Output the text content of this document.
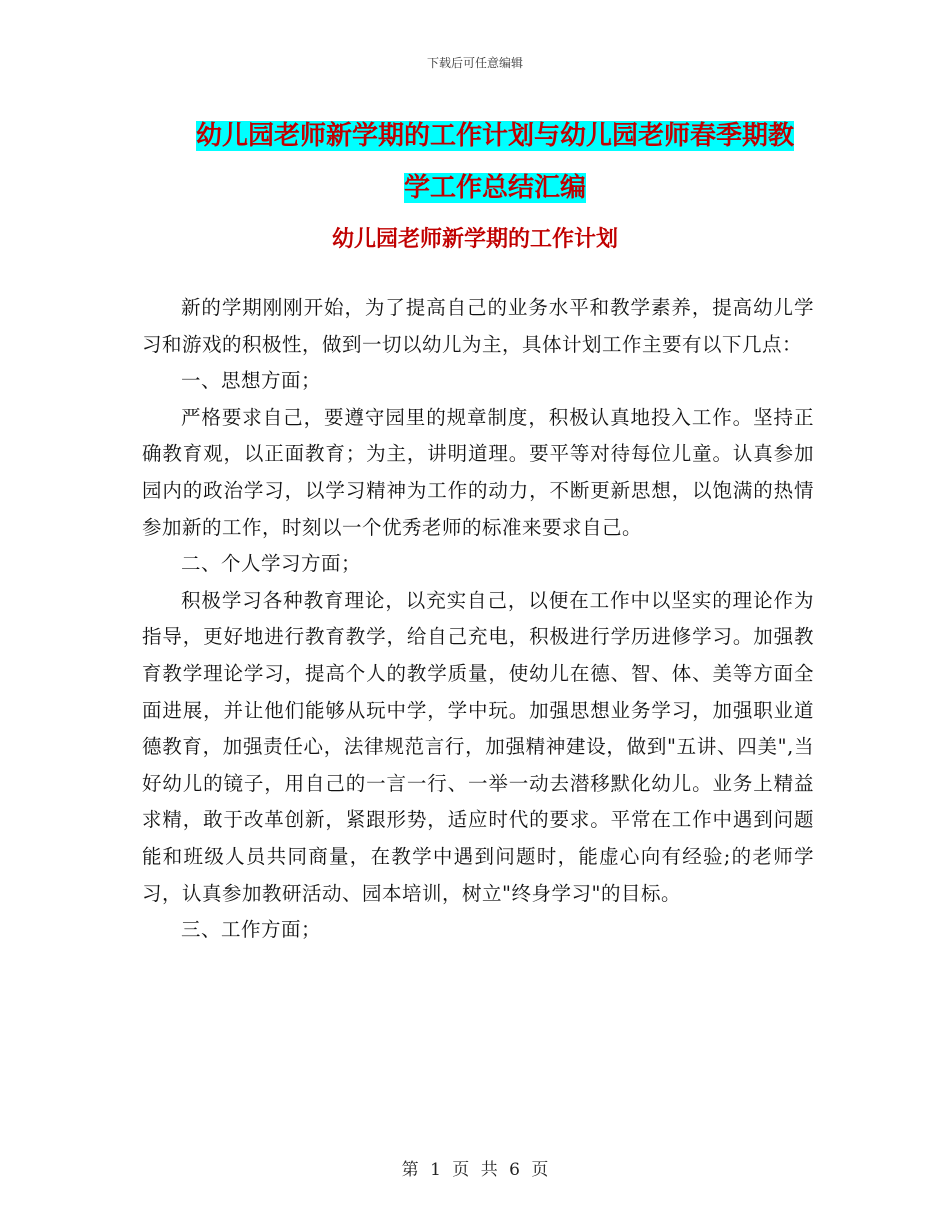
下载后可任意编辑
幼儿园老师新学期的工作计划与幼儿园老师春季期教
学工作总结汇编
幼儿园老师新学期的工作计划

新的学期刚刚开始，为了提高自己的业务水平和教学素养，提高幼儿学习和游戏的积极性，做到一切以幼儿为主，具体计划工作主要有以下几点：

一、思想方面；

严格要求自己，要遵守园里的规章制度，积极认真地投入工作。坚持正确教育观，以正面教育；为主，讲明道理。要平等对待每位儿童。认真参加园内的政治学习，以学习精神为工作的动力，不断更新思想，以饱满的热情参加新的工作，时刻以一个优秀老师的标准来要求自己。

二、个人学习方面；

积极学习各种教育理论，以充实自己，以便在工作中以坚实的理论作为指导，更好地进行教育教学，给自己充电，积极进行学历进修学习。加强教育教学理论学习，提高个人的教学质量，使幼儿在德、智、体、美等方面全面进展，并让他们能够从玩中学，学中玩。加强思想业务学习，加强职业道德教育，加强责任心，法律规范言行，加强精神建设，做到"五讲、四美",当好幼儿的镜子，用自己的一言一行、一举一动去潜移默化幼儿。业务上精益求精，敢于改革创新，紧跟形势，适应时代的要求。平常在工作中遇到问题能和班级人员共同商量，在教学中遇到问题时，能虚心向有经验;的老师学习，认真参加教研活动、园本培训，树立"终身学习"的目标。

三、工作方面；

第 1 页 共 6 页
